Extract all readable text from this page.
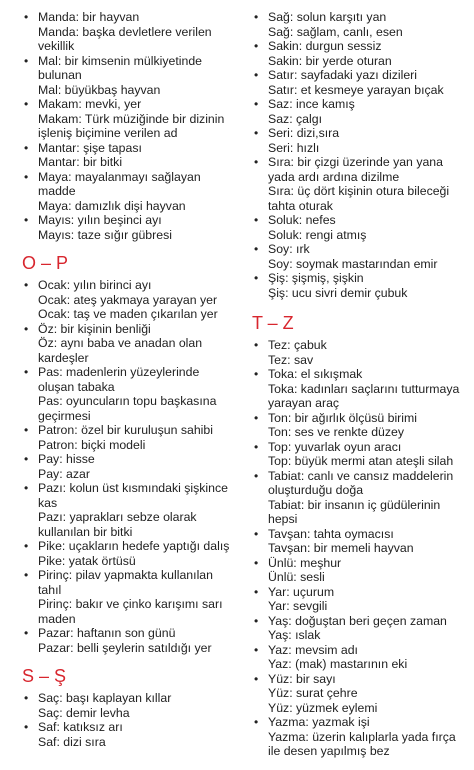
• Manda: bir hayvan
Manda: başka devletlere verilen vekillik
• Mal: bir kimsenin mülkiyetinde bulunan
Mal: büyükbaş hayvan
• Makam: mevki, yer
Makam: Türk müziğinde bir dizinin işleniş biçimine verilen ad
• Mantar: şişe tapası
Mantar: bir bitki
• Maya: mayalanmayı sağlayan madde
Maya: damızlık dişi hayvan
• Mayıs: yılın beşinci ayı
Mayıs: taze sığır gübresi
O – P
• Ocak: yılın birinci ayı
Ocak: ateş yakmaya yarayan yer
Ocak: taş ve maden çıkarılan yer
• Öz: bir kişinin benliği
Öz: aynı baba ve anadan olan kardeşler
• Pas: madenlerin yüzeylerinde oluşan tabaka
Pas: oyuncuların topu başkasına geçirmesi
• Patron: özel bir kuruluşun sahibi
Patron: biçki modeli
• Pay: hisse
Pay: azar
• Pazı: kolun üst kısmındaki şişkince kas
Pazı: yaprakları sebze olarak kullanılan bir bitki
• Pike: uçakların hedefe yaptığı dalış
Pike: yatak örtüsü
• Pirinç: pilav yapmakta kullanılan tahıl
Pirinç: bakır ve çinko karışımı sarı maden
• Pazar: haftanın son günü
Pazar: belli şeylerin satıldığı yer
S – Ş
• Saç: başı kaplayan kıllar
Saç: demir levha
• Saf: katıksız arı
Saf: dizi sıra
• Sağ: solun karşıtı yan
Sağ: sağlam, canlı, esen
• Sakin: durgun sessiz
Sakin: bir yerde oturan
• Satır: sayfadaki yazı dizileri
Satır: et kesmeye yarayan bıçak
• Saz: ince kamış
Saz: çalgı
• Seri: dizi,sıra
Seri: hızlı
• Sıra: bir çizgi üzerinde yan yana yada ardı ardına dizilme
Sıra: üç dört kişinin otura bileceği tahta oturak
• Soluk: nefes
Soluk: rengi atmış
• Soy: ırk
Soy: soymak mastarından emir
• Şiş: şişmiş, şişkin
Şiş: ucu sivri demir çubuk
T – Z
• Tez: çabuk
Tez: sav
• Toka: el sıkışmak
Toka: kadınları saçlarını tutturmaya yarayan araç
• Ton: bir ağırlık ölçüsü birimi
Ton: ses ve renkte düzey
• Top: yuvarlak oyun aracı
Top: büyük mermi atan ateşli silah
• Tabiat: canlı ve cansız maddelerin oluşturduğu doğa
Tabiat: bir insanın iç güdülerinin hepsi
• Tavşan: tahta oymacısı
Tavşan: bir memeli hayvan
• Ünlü: meşhur
Ünlü: sesli
• Yar: uçurum
Yar: sevgili
• Yaş: doğuştan beri geçen zaman
Yaş: ıslak
• Yaz: mevsim adı
Yaz: (mak) mastarının eki
• Yüz: bir sayı
Yüz: surat çehre
Yüz: yüzmek eylemi
• Yazma: yazmak işi
Yazma: üzerin kalıplarla yada fırça ile desen yapılmış bez
